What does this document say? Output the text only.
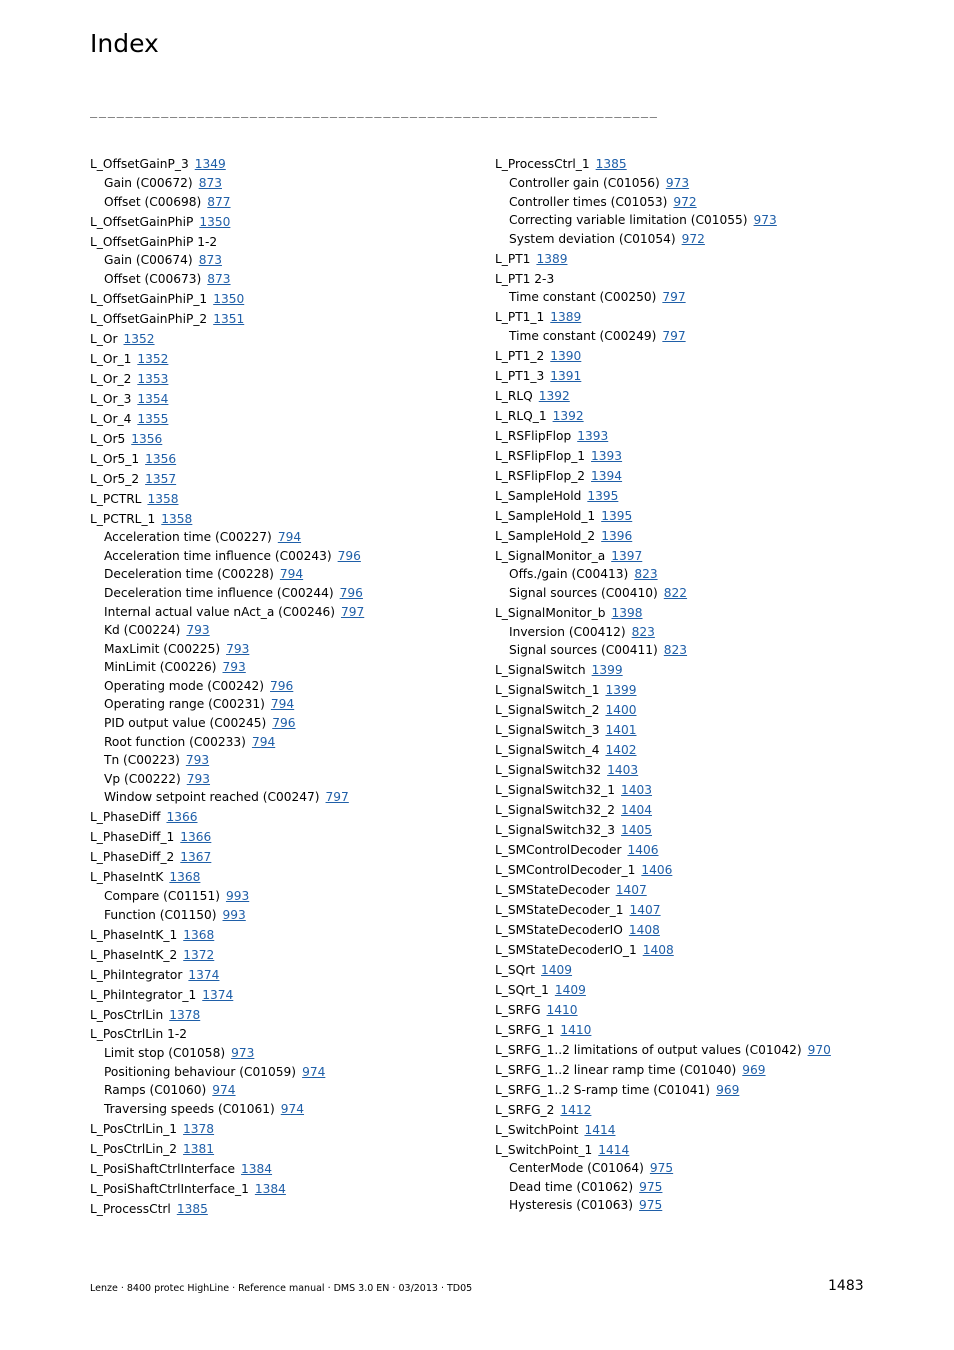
Index
________________________________________________________________
L_OffsetGainP_3 1349
Gain (C00672) 873
Offset (C00698) 877
L_OffsetGainPhiP 1350
L_OffsetGainPhiP 1-2
Gain (C00674) 873
Offset (C00673) 873
L_OffsetGainPhiP_1 1350
L_OffsetGainPhiP_2 1351
L_Or 1352
L_Or_1 1352
L_Or_2 1353
L_Or_3 1354
L_Or_4 1355
L_Or5 1356
L_Or5_1 1356
L_Or5_2 1357
L_PCTRL 1358
L_PCTRL_1 1358
Acceleration time (C00227) 794
Acceleration time influence (C00243) 796
Deceleration time (C00228) 794
Deceleration time influence (C00244) 796
Internal actual value nAct_a (C00246) 797
Kd (C00224) 793
MaxLimit (C00225) 793
MinLimit (C00226) 793
Operating mode (C00242) 796
Operating range (C00231) 794
PID output value (C00245) 796
Root function (C00233) 794
Tn (C00223) 793
Vp (C00222) 793
Window setpoint reached (C00247) 797
L_PhaseDiff 1366
L_PhaseDiff_1 1366
L_PhaseDiff_2 1367
L_PhaseIntK 1368
Compare (C01151) 993
Function (C01150) 993
L_PhaseIntK_1 1368
L_PhaseIntK_2 1372
L_PhiIntegrator 1374
L_PhiIntegrator_1 1374
L_PosCtrlLin 1378
L_PosCtrlLin 1-2
Limit stop (C01058) 973
Positioning behaviour (C01059) 974
Ramps (C01060) 974
Traversing speeds (C01061) 974
L_PosCtrlLin_1 1378
L_PosCtrlLin_2 1381
L_PosiShaftCtrlInterface 1384
L_PosiShaftCtrlInterface_1 1384
L_ProcessCtrl 1385
L_ProcessCtrl_1 1385
Controller gain (C01056) 973
Controller times (C01053) 972
Correcting variable limitation (C01055) 973
System deviation (C01054) 972
L_PT1 1389
L_PT1 2-3
Time constant (C00250) 797
L_PT1_1 1389
Time constant (C00249) 797
L_PT1_2 1390
L_PT1_3 1391
L_RLQ 1392
L_RLQ_1 1392
L_RSFlipFlop 1393
L_RSFlipFlop_1 1393
L_RSFlipFlop_2 1394
L_SampleHold 1395
L_SampleHold_1 1395
L_SampleHold_2 1396
L_SignalMonitor_a 1397
Offs./gain (C00413) 823
Signal sources (C00410) 822
L_SignalMonitor_b 1398
Inversion (C00412) 823
Signal sources (C00411) 823
L_SignalSwitch 1399
L_SignalSwitch_1 1399
L_SignalSwitch_2 1400
L_SignalSwitch_3 1401
L_SignalSwitch_4 1402
L_SignalSwitch32 1403
L_SignalSwitch32_1 1403
L_SignalSwitch32_2 1404
L_SignalSwitch32_3 1405
L_SMControlDecoder 1406
L_SMControlDecoder_1 1406
L_SMStateDecoder 1407
L_SMStateDecoder_1 1407
L_SMStateDecoderIO 1408
L_SMStateDecoderIO_1 1408
L_SQrt 1409
L_SQrt_1 1409
L_SRFG 1410
L_SRFG_1 1410
L_SRFG_1..2 limitations of output values (C01042) 970
L_SRFG_1..2 linear ramp time (C01040) 969
L_SRFG_1..2 S-ramp time (C01041) 969
L_SRFG_2 1412
L_SwitchPoint 1414
L_SwitchPoint_1 1414
CenterMode (C01064) 975
Dead time (C01062) 975
Hysteresis (C01063) 975
Lenze · 8400 protec HighLine · Reference manual · DMS 3.0 EN · 03/2013 · TD05	1483
